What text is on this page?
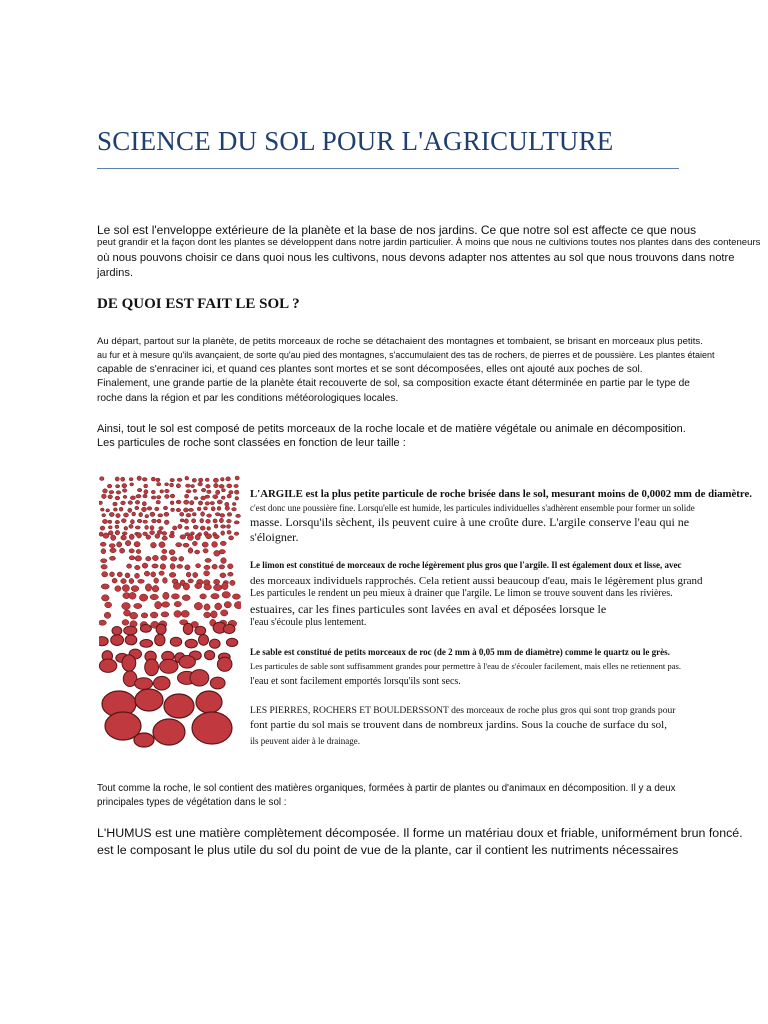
SCIENCE DU SOL POUR L'AGRICULTURE
Le sol est l'enveloppe extérieure de la planète et la base de nos jardins. Ce que notre sol est affecte ce que nous
peut grandir et la façon dont les plantes se développent dans notre jardin particulier. À moins que nous ne cultivions toutes nos plantes dans des conteneurs
où nous pouvons choisir ce dans quoi nous les cultivons, nous devons adapter nos attentes au sol que nous trouvons dans notre
jardins.
DE QUOI EST FAIT LE SOL ?
Au départ, partout sur la planète, de petits morceaux de roche se détachaient des montagnes et tombaient, se brisant en morceaux plus petits.
au fur et à mesure qu'ils avançaient, de sorte qu'au pied des montagnes, s'accumulaient des tas de rochers, de pierres et de poussière. Les plantes étaient
capable de s'enraciner ici, et quand ces plantes sont mortes et se sont décomposées, elles ont ajouté aux poches de sol.
Finalement, une grande partie de la planète était recouverte de sol, sa composition exacte étant déterminée en partie par le type de
roche dans la région et par les conditions météorologiques locales.
Ainsi, tout le sol est composé de petits morceaux de la roche locale et de matière végétale ou animale en décomposition.
Les particules de roche sont classées en fonction de leur taille :
L'ARGILE est la plus petite particule de roche brisée dans le sol, mesurant moins de 0,0002 mm de diamètre.
c'est donc une poussière fine. Lorsqu'elle est humide, les particules individuelles s'adhèrent ensemble pour former un solide
masse. Lorsqu'ils sèchent, ils peuvent cuire à une croûte dure. L'argile conserve l'eau qui ne
s'éloigner.
Le limon est constitué de morceaux de roche légèrement plus gros que l'argile. Il est également doux et lisse, avec
des morceaux individuels rapprochés. Cela retient aussi beaucoup d'eau, mais le légèrement plus grand
Les particules le rendent un peu mieux à drainer que l'argile. Le limon se trouve souvent dans les rivières.
estuaires, car les fines particules sont lavées en aval et déposées lorsque le
l'eau s'écoule plus lentement.
Le sable est constitué de petits morceaux de roc (de 2 mm à 0,05 mm de diamètre) comme le quartz ou le grès.
Les particules de sable sont suffisamment grandes pour permettre à l'eau de s'écouler facilement, mais elles ne retiennent pas.
l'eau et sont facilement emportés lorsqu'ils sont secs.
LES PIERRES, ROCHERS ET BOULDERSSONT des morceaux de roche plus gros qui sont trop grands pour
font partie du sol mais se trouvent dans de nombreux jardins. Sous la couche de surface du sol,
ils peuvent aider à le drainage.
Tout comme la roche, le sol contient des matières organiques, formées à partir de plantes ou d'animaux en décomposition. Il y a deux
principales types de végétation dans le sol :
L'HUMUS est une matière complètement décomposée. Il forme un matériau doux et friable, uniformément brun foncé.
est le composant le plus utile du sol du point de vue de la plante, car il contient les nutriments nécessaires
